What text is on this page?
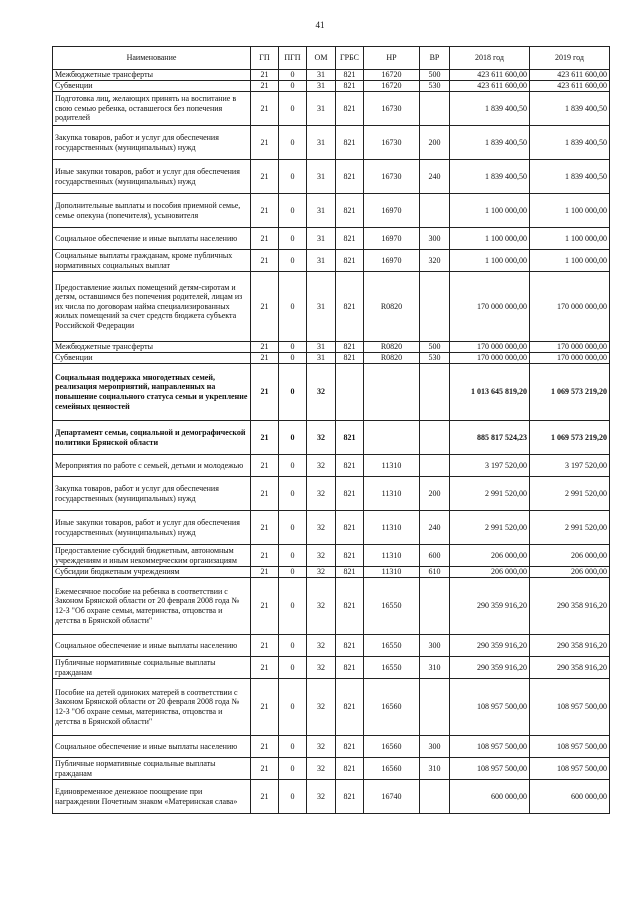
41
Наименование	ГП	ПГП	ОМ	ГРБС	НР	ВР	2018 год	2019 год
Межбюджетные трансферты	21	0	31	821	16720	500	423 611 600,00	423 611 600,00
Субвенции	21	0	31	821	16720	530	423 611 600,00	423 611 600,00
Подготовка лиц, желающих принять на воспитание в свою семью ребенка, оставшегося без попечения родителей	21	0	31	821	16730		1 839 400,50	1 839 400,50
Закупка товаров, работ и услуг для обеспечения государственных (муниципальных) нужд	21	0	31	821	16730	200	1 839 400,50	1 839 400,50
Иные закупки товаров, работ и услуг для обеспечения государственных (муниципальных) нужд	21	0	31	821	16730	240	1 839 400,50	1 839 400,50
Дополнительные выплаты и пособия приемной семье, семье опекуна (попечителя), усыновителя	21	0	31	821	16970		1 100 000,00	1 100 000,00
Социальное обеспечение и иные выплаты населению	21	0	31	821	16970	300	1 100 000,00	1 100 000,00
Социальные выплаты гражданам, кроме публичных нормативных социальных выплат	21	0	31	821	16970	320	1 100 000,00	1 100 000,00
Предоставление жилых помещений детям-сиротам и детям, оставшимся без попечения родителей, лицам из их числа по договорам найма специализированных жилых помещений за счет средств бюджета субъекта Российской Федерации	21	0	31	821	R0820		170 000 000,00	170 000 000,00
Межбюджетные трансферты	21	0	31	821	R0820	500	170 000 000,00	170 000 000,00
Субвенции	21	0	31	821	R0820	530	170 000 000,00	170 000 000,00
Социальная поддержка многодетных семей, реализация мероприятий, направленных на повышение социального статуса семьи и укрепление семейных ценностей	21	0	32				1 013 645 819,20	1 069 573 219,20
Департамент семьи, социальной и демографической политики Брянской области	21	0	32	821			885 817 524,23	1 069 573 219,20
Мероприятия по работе с семьей, детьми и молодежью	21	0	32	821	11310		3 197 520,00	3 197 520,00
Закупка товаров, работ и услуг для обеспечения государственных (муниципальных) нужд	21	0	32	821	11310	200	2 991 520,00	2 991 520,00
Иные закупки товаров, работ и услуг для обеспечения государственных (муниципальных) нужд	21	0	32	821	11310	240	2 991 520,00	2 991 520,00
Предоставление субсидий бюджетным, автономным учреждениям и иным некоммерческим организациям	21	0	32	821	11310	600	206 000,00	206 000,00
Субсидии бюджетным учреждениям	21	0	32	821	11310	610	206 000,00	206 000,00
Ежемесячное пособие на ребенка в соответствии с Законом Брянской области от 20 февраля 2008 года № 12-З "Об охране семьи, материнства, отцовства и детства в Брянской области"	21	0	32	821	16550		290 359 916,20	290 358 916,20
Социальное обеспечение и иные выплаты населению	21	0	32	821	16550	300	290 359 916,20	290 358 916,20
Публичные нормативные социальные выплаты гражданам	21	0	32	821	16550	310	290 359 916,20	290 358 916,20
Пособие на детей одиноких матерей в соответствии с Законом Брянской области от 20 февраля 2008 года № 12-З "Об охране семьи, материнства, отцовства и детства в Брянской области"	21	0	32	821	16560		108 957 500,00	108 957 500,00
Социальное обеспечение и иные выплаты населению	21	0	32	821	16560	300	108 957 500,00	108 957 500,00
Публичные нормативные социальные выплаты гражданам	21	0	32	821	16560	310	108 957 500,00	108 957 500,00
Единовременное денежное поощрение при награждении Почетным знаком «Материнская слава»	21	0	32	821	16740		600 000,00	600 000,00
